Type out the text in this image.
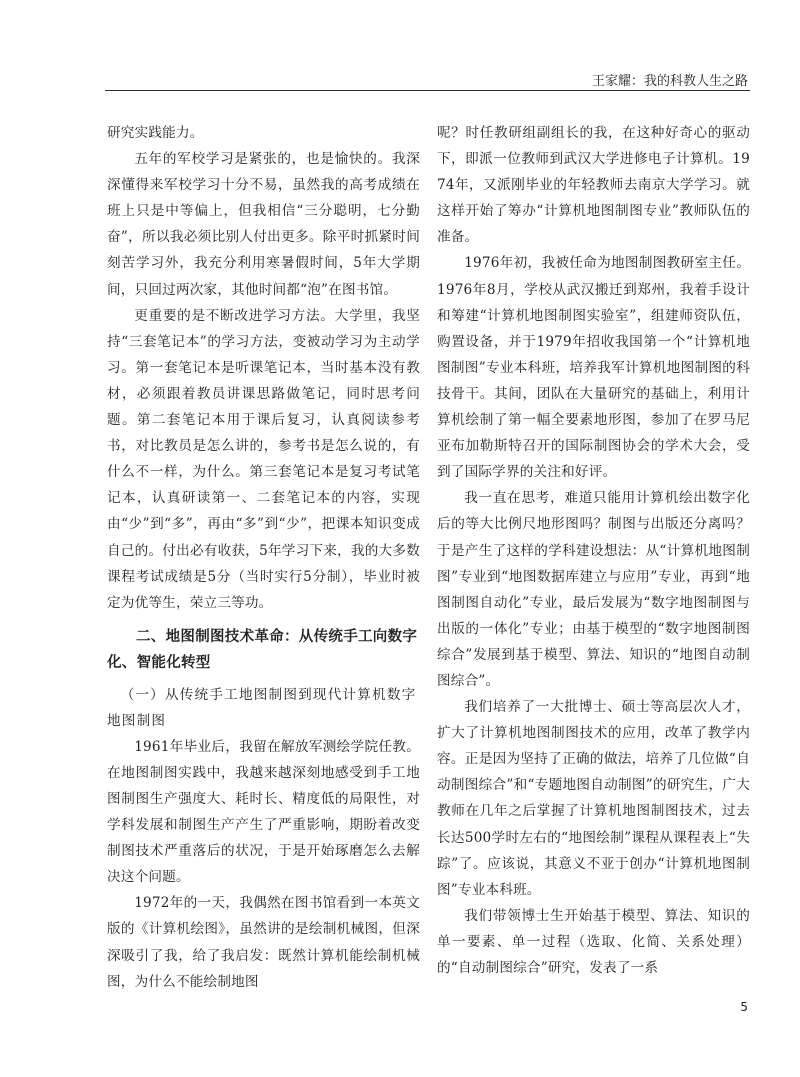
王家耀：我的科教人生之路

研究实践能力。

五年的军校学习是紧张的，也是愉快的。我深深懂得来军校学习十分不易，虽然我的高考成绩在班上只是中等偏上，但我相信“三分聪明，七分勤奋”，所以我必须比别人付出更多。除平时抓紧时间刻苦学习外，我充分利用寒暑假时间，5年大学期间，只回过两次家，其他时间都“泡”在图书馆。

更重要的是不断改进学习方法。大学里，我坚持“三套笔记本”的学习方法，变被动学习为主动学习。第一套笔记本是听课笔记本，当时基本没有教材，必须跟着教员讲课思路做笔记，同时思考问题。第二套笔记本用于课后复习，认真阅读参考书，对比教员是怎么讲的，参考书是怎么说的，有什么不一样，为什么。第三套笔记本是复习考试笔记本，认真研读第一、二套笔记本的内容，实现由“少”到“多”，再由“多”到“少”，把课本知识变成自己的。付出必有收获，5年学习下来，我的大多数课程考试成绩是5分（当时实行5分制），毕业时被定为优等生，荣立三等功。

二、地图制图技术革命：从传统手工向数字化、智能化转型
（一）从传统手工地图制图到现代计算机数字地图制图

1961年毕业后，我留在解放军测绘学院任教。在地图制图实践中，我越来越深刻地感受到手工地图制图生产强度大、耗时长、精度低的局限性，对学科发展和制图生产产生了严重影响，期盼着改变制图技术严重落后的状况，于是开始琢磨怎么去解决这个问题。

1972年的一天，我偶然在图书馆看到一本英文版的《计算机绘图》，虽然讲的是绘制机械图，但深深吸引了我，给了我启发：既然计算机能绘制机械图，为什么不能绘制地图

呢？时任教研组副组长的我，在这种好奇心的驱动下，即派一位教师到武汉大学进修电子计算机。1974年，又派刚毕业的年轻教师去南京大学学习。就这样开始了筹办“计算机地图制图专业”教师队伍的准备。

1976年初，我被任命为地图制图教研室主任。1976年8月，学校从武汉搬迁到郑州，我着手设计和筹建“计算机地图制图实验室”，组建师资队伍，购置设备，并于1979年招收我国第一个“计算机地图制图”专业本科班，培养我军计算机地图制图的科技骨干。其间，团队在大量研究的基础上，利用计算机绘制了第一幅全要素地形图，参加了在罗马尼亚布加勒斯特召开的国际制图协会的学术大会，受到了国际学界的关注和好评。

我一直在思考，难道只能用计算机绘出数字化后的等大比例尺地形图吗？制图与出版还分离吗？于是产生了这样的学科建设想法：从“计算机地图制图”专业到“地图数据库建立与应用”专业，再到“地图制图自动化”专业，最后发展为“数字地图制图与出版的一体化”专业；由基于模型的“数字地图制图综合”发展到基于模型、算法、知识的“地图自动制图综合”。

我们培养了一大批博士、硕士等高层次人才，扩大了计算机地图制图技术的应用，改革了教学内容。正是因为坚持了正确的做法，培养了几位做“自动制图综合”和“专题地图自动制图”的研究生，广大教师在几年之后掌握了计算机地图制图技术，过去长达500学时左右的“地图绘制”课程从课程表上“失踪”了。应该说，其意义不亚于创办“计算机地图制图”专业本科班。

我们带领博士生开始基于模型、算法、知识的单一要素、单一过程（选取、化简、关系处理）的“自动制图综合”研究，发表了一系

5
